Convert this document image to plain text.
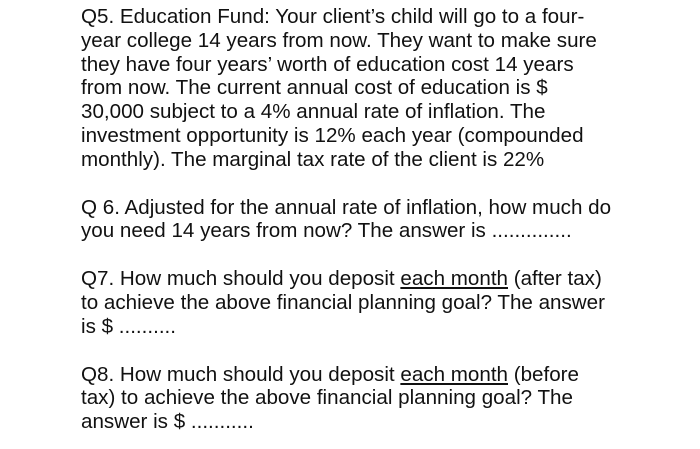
Q5. Education Fund: Your client’s child will go to a four-
year college 14 years from now. They want to make sure
they have four years’ worth of education cost 14 years
from now. The current annual cost of education is $
30,000 subject to a 4% annual rate of inflation. The
investment opportunity is 12% each year (compounded
monthly). The marginal tax rate of the client is 22%
Q 6. Adjusted for the annual rate of inflation, how much do
you need 14 years from now? The answer is ..............
Q7. How much should you deposit each month (after tax)
to achieve the above financial planning goal? The answer
is $ ..........
Q8. How much should you deposit each month (before
tax) to achieve the above financial planning goal? The
answer is $ ...........
